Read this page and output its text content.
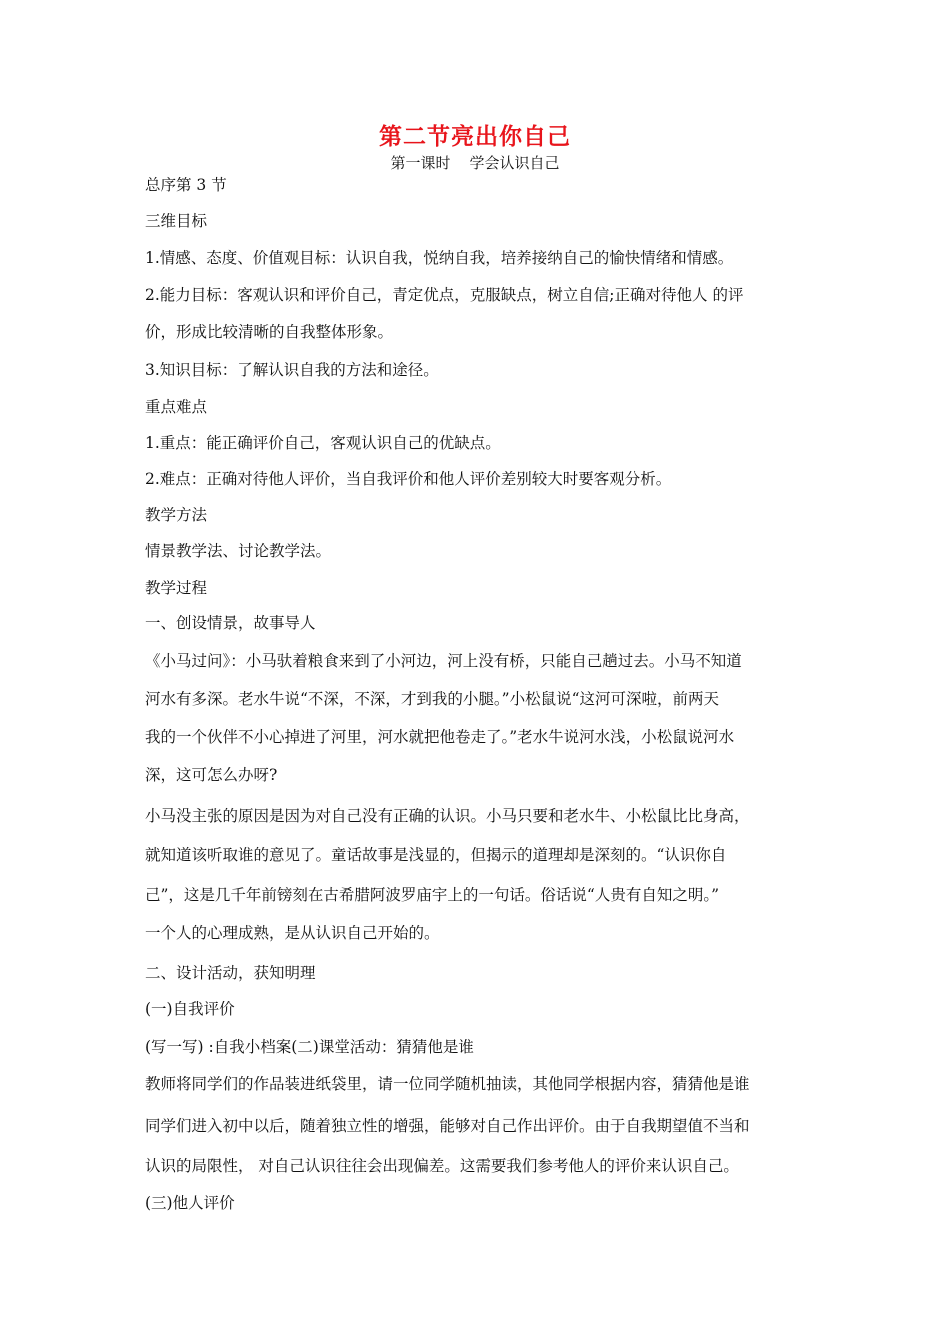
第二节亮出你自己
第一课时    学会认识自己
总序第 3 节
三维目标
1.情感、态度、价值观目标：认识自我，悦纳自我，培养接纳自己的愉快情绪和情感。
2.能力目标：客观认识和评价自己，青定优点，克服缺点，树立自信;正确对待他人 的评
价，形成比较清晰的自我整体形象。
3.知识目标：了解认识自我的方法和途径。
重点难点
1.重点：能正确评价自己，客观认识自己的优缺点。
2.难点：正确对待他人评价，当自我评价和他人评价差别较大时要客观分析。
教学方法
情景教学法、讨论教学法。
教学过程
一、创设情景，故事导人
《小马过问》：小马驮着粮食来到了小河边，河上没有桥，只能自己趟过去。小马不知道
河水有多深。老水牛说“不深，不深，才到我的小腿。”小松鼠说“这河可深啦，前两天
我的一个伙伴不小心掉进了河里，河水就把他卷走了。”老水牛说河水浅，小松鼠说河水
深，这可怎么办呀?
小马没主张的原因是因为对自己没有正确的认识。小马只要和老水牛、小松鼠比比身高，
就知道该听取谁的意见了。童话故事是浅显的，但揭示的道理却是深刻的。“认识你自
己”，这是几千年前镑刻在古希腊阿波罗庙宇上的一句话。俗话说“人贵有自知之明。”
一个人的心理成熟，是从认识自己开始的。
二、设计活动，获知明理
(一)自我评价
(写一写) :自我小档案(二)课堂活动：猜猜他是谁
教师将同学们的作品装进纸袋里，请一位同学随机抽读，其他同学根据内容，猜猜他是谁
同学们进入初中以后，随着独立性的增强，能够对自己作出评价。由于自我期望值不当和
认识的局限性， 对自己认识往往会出现偏差。这需要我们参考他人的评价来认识自己。
(三)他人评价
